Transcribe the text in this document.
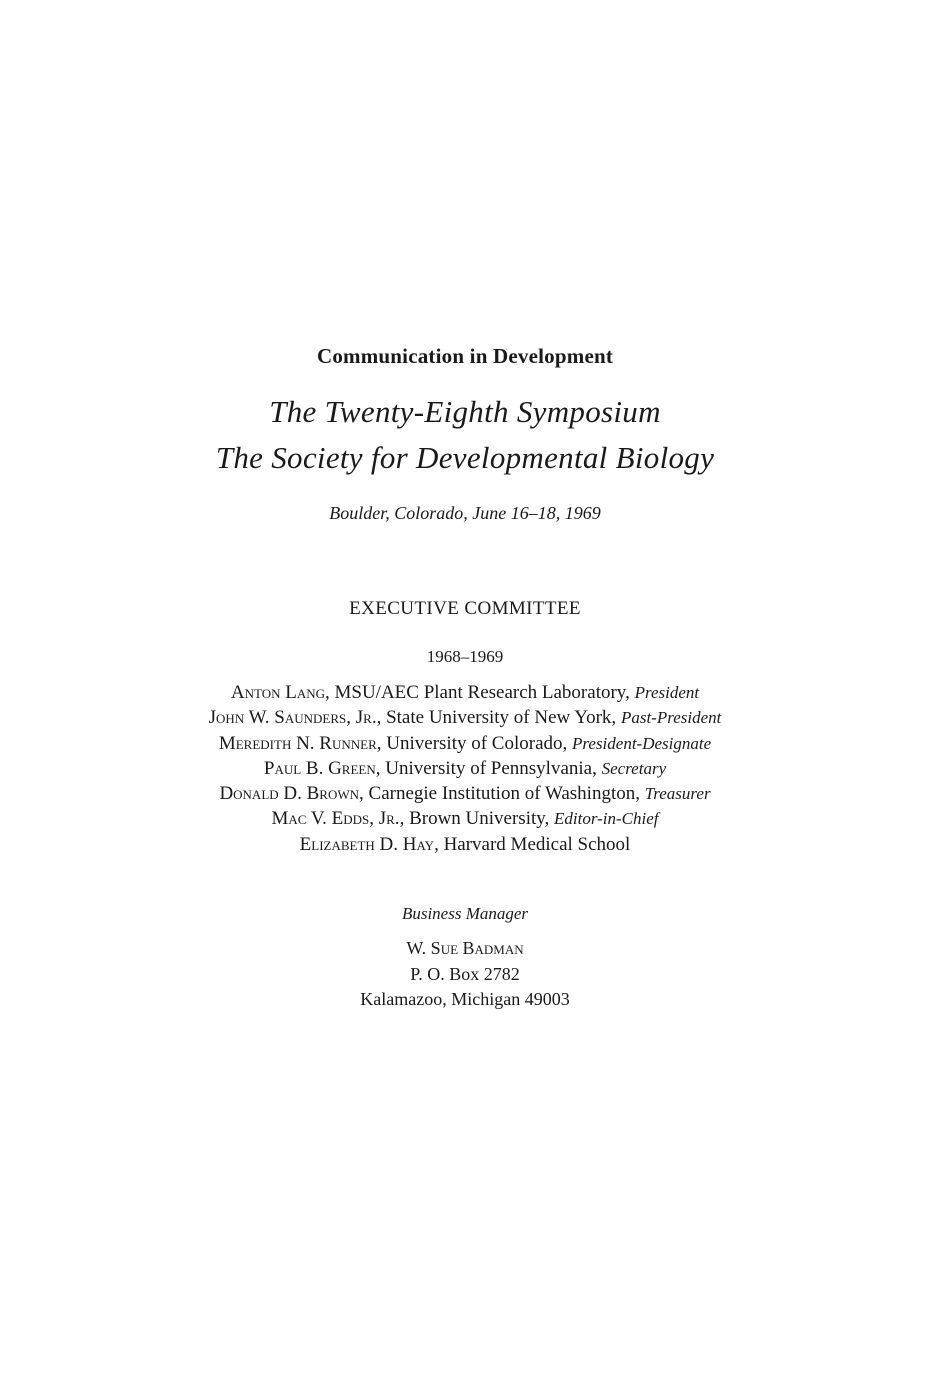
Communication in Development
The Twenty-Eighth Symposium
The Society for Developmental Biology
Boulder, Colorado, June 16–18, 1969
EXECUTIVE COMMITTEE
1968–1969
Anton Lang, MSU/AEC Plant Research Laboratory, President
John W. Saunders, Jr., State University of New York, Past-President
Meredith N. Runner, University of Colorado, President-Designate
Paul B. Green, University of Pennsylvania, Secretary
Donald D. Brown, Carnegie Institution of Washington, Treasurer
Mac V. Edds, Jr., Brown University, Editor-in-Chief
Elizabeth D. Hay, Harvard Medical School
Business Manager
W. Sue Badman
P. O. Box 2782
Kalamazoo, Michigan 49003
